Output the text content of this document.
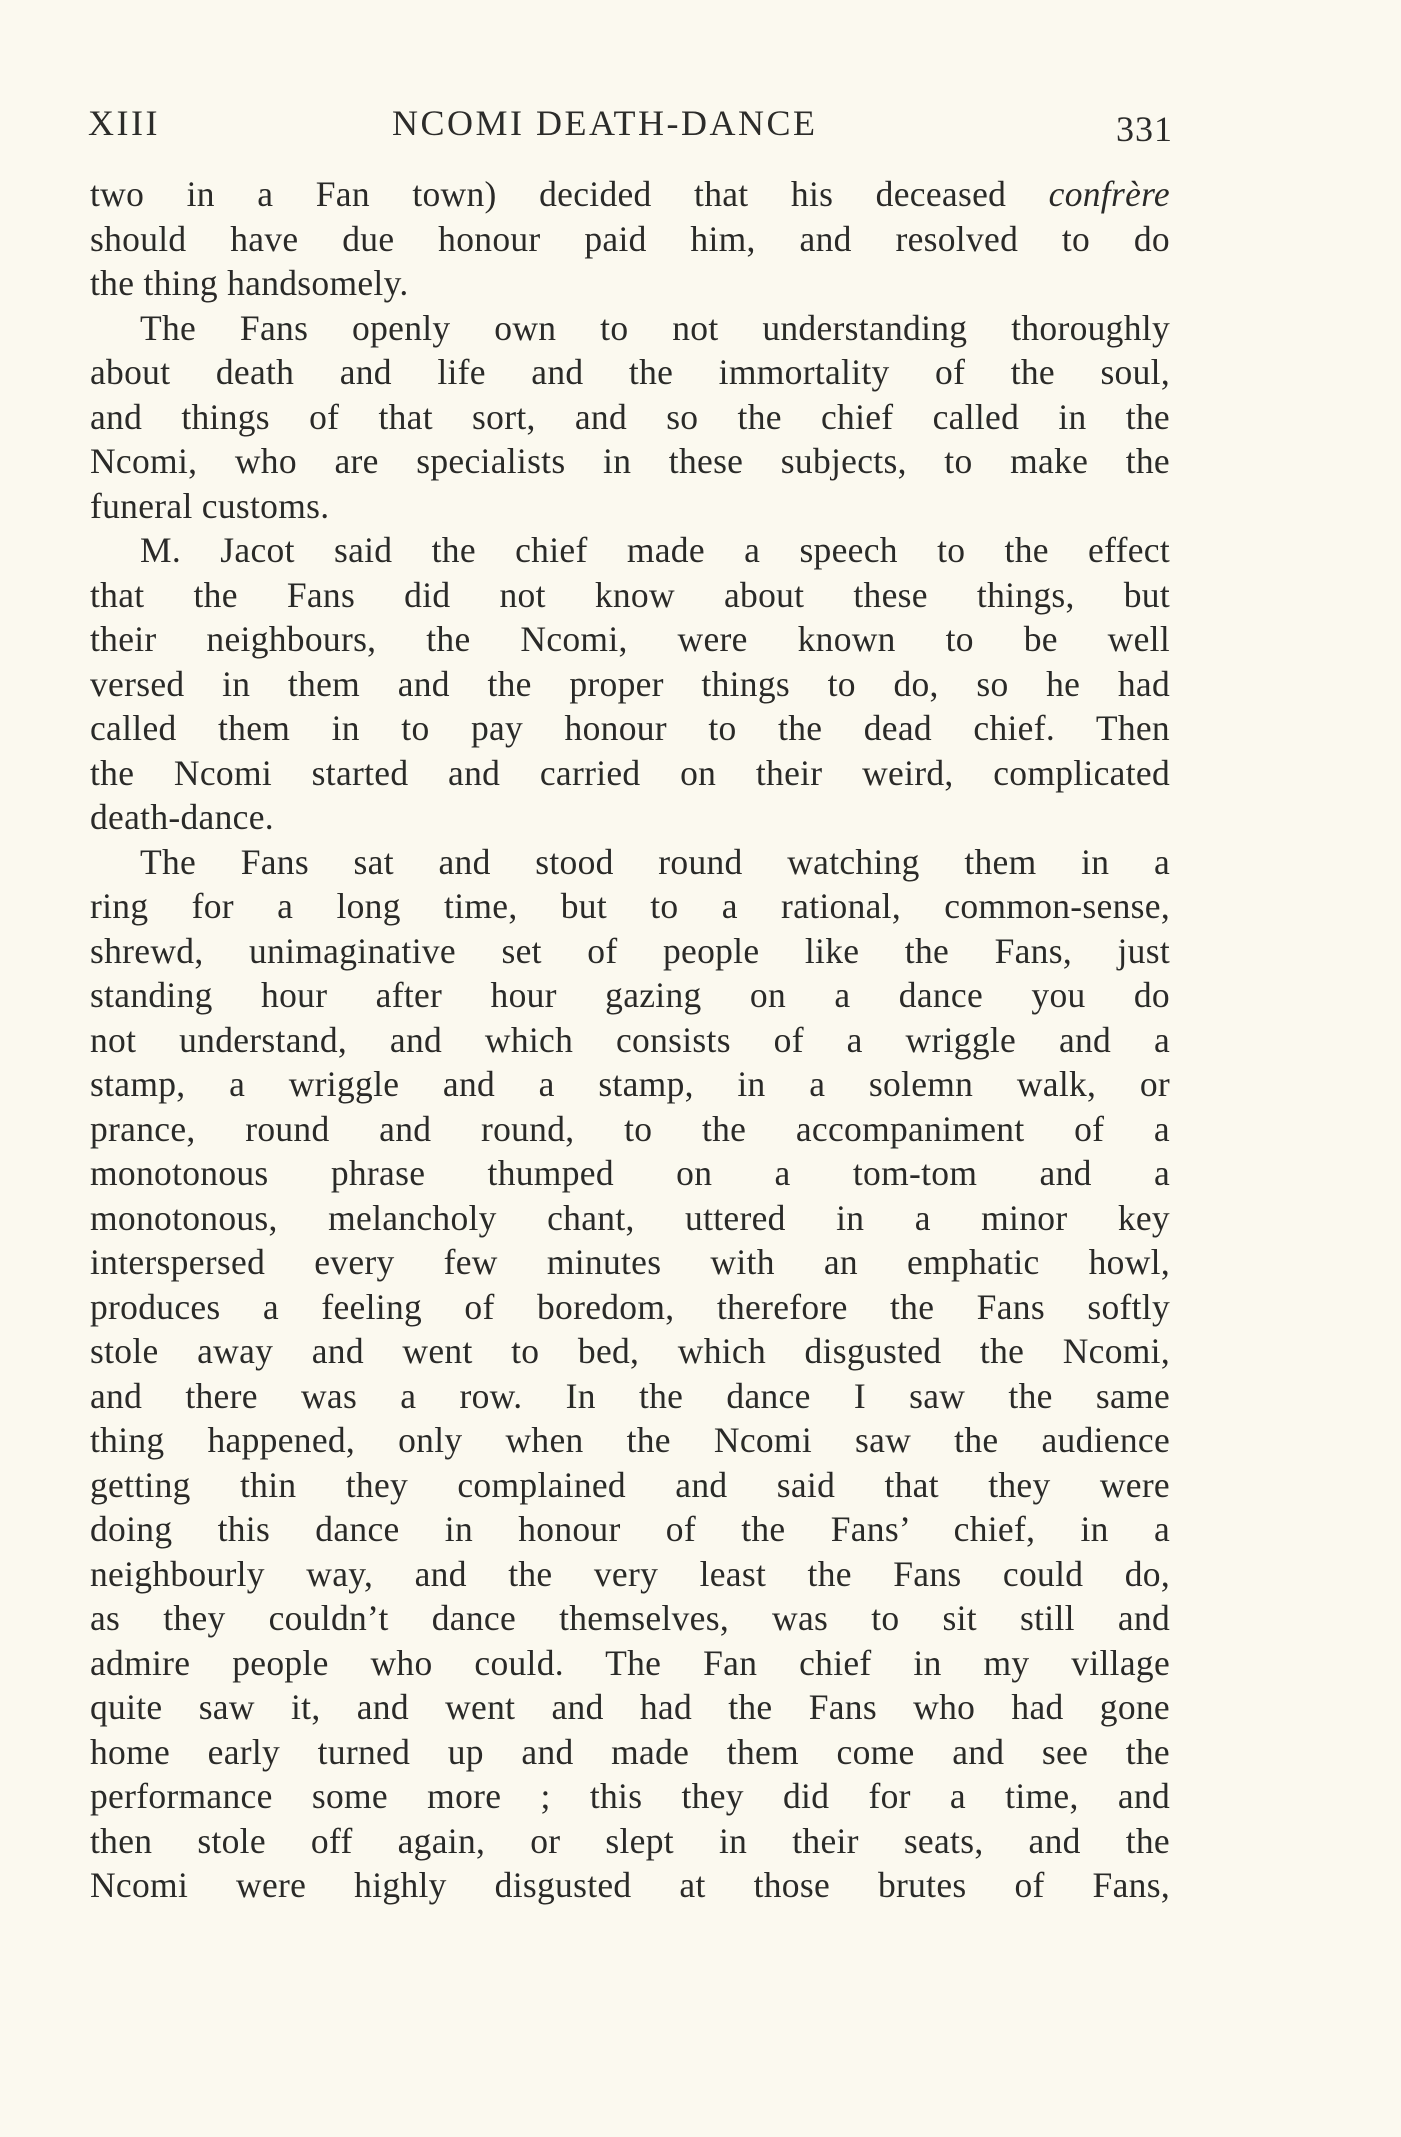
XIII	NCOMI DEATH-DANCE	331
two in a Fan town) decided that his deceased confrère
should have due honour paid him, and resolved to do
the thing handsomely.
The Fans openly own to not understanding thoroughly
about death and life and the immortality of the soul,
and things of that sort, and so the chief called in the
Ncomi, who are specialists in these subjects, to make the
funeral customs.
M. Jacot said the chief made a speech to the effect
that the Fans did not know about these things, but
their neighbours, the Ncomi, were known to be well
versed in them and the proper things to do, so he had
called them in to pay honour to the dead chief. Then
the Ncomi started and carried on their weird, complicated
death-dance.
The Fans sat and stood round watching them in a
ring for a long time, but to a rational, common-sense,
shrewd, unimaginative set of people like the Fans, just
standing hour after hour gazing on a dance you do
not understand, and which consists of a wriggle and a
stamp, a wriggle and a stamp, in a solemn walk, or
prance, round and round, to the accompaniment of a
monotonous phrase thumped on a tom-tom and a
monotonous, melancholy chant, uttered in a minor key
interspersed every few minutes with an emphatic howl,
produces a feeling of boredom, therefore the Fans softly
stole away and went to bed, which disgusted the Ncomi,
and there was a row. In the dance I saw the same
thing happened, only when the Ncomi saw the audience
getting thin they complained and said that they were
doing this dance in honour of the Fans’ chief, in a
neighbourly way, and the very least the Fans could do,
as they couldn’t dance themselves, was to sit still and
admire people who could. The Fan chief in my village
quite saw it, and went and had the Fans who had gone
home early turned up and made them come and see the
performance some more ; this they did for a time, and
then stole off again, or slept in their seats, and the
Ncomi were highly disgusted at those brutes of Fans,
